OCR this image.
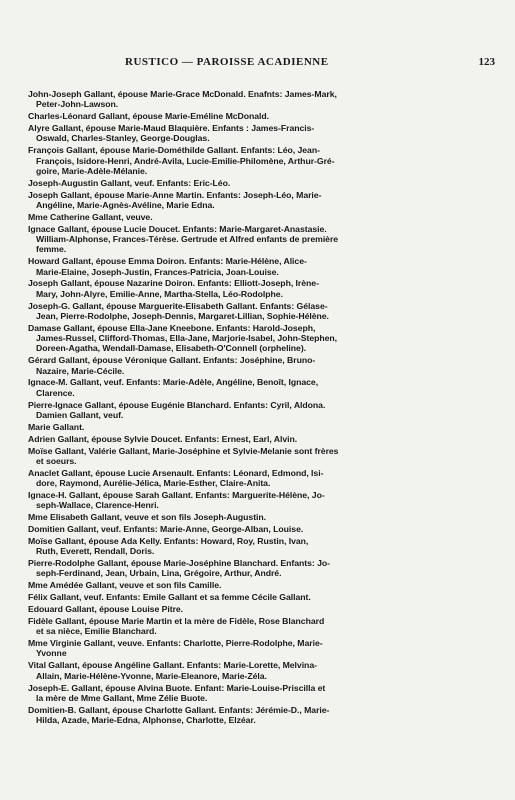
RUSTICO — PAROISSE ACADIENNE	123
John-Joseph Gallant, épouse Marie-Grace McDonald. Enafnts: James-Mark,
Peter-John-Lawson.
Charles-Léonard Gallant, épouse Marie-Eméline McDonald.
Alyre Gallant, épouse Marie-Maud Blaquière. Enfants : James-Francis-
Oswald, Charles-Stanley, George-Douglas.
François Gallant, épouse Marie-Dométhilde Gallant. Enfants: Léo, Jean-
François, Isidore-Henri, André-Avila, Lucie-Emilie-Philomène, Arthur-Gré-
goire, Marie-Adèle-Mélanie.
Joseph-Augustin Gallant, veuf. Enfants: Eric-Léo.
Joseph Gallant, épouse Marie-Anne Martin. Enfants: Joseph-Léo, Marie-
Angéline, Marie-Agnès-Avéline, Marie Edna.
Mme Catherine Gallant, veuve.
Ignace Gallant, épouse Lucie Doucet. Enfants: Marie-Margaret-Anastasie.
William-Alphonse, Frances-Térèse. Gertrude et Alfred enfants de première
femme.
Howard Gallant, épouse Emma Doiron. Enfants: Marie-Hélène, Alice-
Marie-Elaine, Joseph-Justin, Frances-Patricia, Joan-Louise.
Joseph Gallant, épouse Nazarine Doiron. Enfants: Elliott-Joseph, Irène-
Mary, John-Alyre, Emilie-Anne, Martha-Stella, Léo-Rodolphe.
Joseph-G. Gallant, épouse Marguerite-Elisabeth Gallant. Enfants: Gélase-
Jean, Pierre-Rodolphe, Joseph-Dennis, Margaret-Lillian, Sophie-Hélène.
Damase Gallant, épouse Ella-Jane Kneebone. Enfants: Harold-Joseph,
James-Russel, Clifford-Thomas, Ella-Jane, Marjorie-Isabel, John-Stephen,
Doreen-Agatha, Wendall-Damase, Elisabeth-O'Connell (orpheline).
Gérard Gallant, épouse Véronique Gallant. Enfants: Joséphine, Bruno-
Nazaire, Marie-Cécile.
Ignace-M. Gallant, veuf. Enfants: Marie-Adèle, Angéline, Benoît, Ignace,
Clarence.
Pierre-Ignace Gallant, épouse Eugénie Blanchard. Enfants: Cyril, Aldona.
Damien Gallant, veuf.
Marie Gallant.
Adrien Gallant, épouse Sylvie Doucet. Enfants: Ernest, Earl, Alvin.
Moïse Gallant, Valérie Gallant, Marie-Joséphine et Sylvie-Melanie sont frères
et soeurs.
Anaclet Gallant, épouse Lucie Arsenault. Enfants: Léonard, Edmond, Isi-
dore, Raymond, Aurélie-Jélica, Marie-Esther, Claire-Anita.
Ignace-H. Gallant, épouse Sarah Gallant. Enfants: Marguerite-Hélène, Jo-
seph-Wallace, Clarence-Henri.
Mme Elisabeth Gallant, veuve et son fils Joseph-Augustin.
Domitien Gallant, veuf. Enfants: Marie-Anne, George-Alban, Louise.
Moïse Gallant, épouse Ada Kelly. Enfants: Howard, Roy, Rustin, Ivan,
Ruth, Everett, Rendall, Doris.
Pierre-Rodolphe Gallant, épouse Marie-Joséphine Blanchard. Enfants: Jo-
seph-Ferdinand, Jean, Urbain, Lina, Grégoire, Arthur, André.
Mme Amédée Gallant, veuve et son fils Camille.
Félix Gallant, veuf. Enfants: Emile Gallant et sa femme Cécile Gallant.
Edouard Gallant, épouse Louise Pitre.
Fidèle Gallant, épouse Marie Martin et la mère de Fidèle, Rose Blanchard
et sa nièce, Emilie Blanchard.
Mme Virginie Gallant, veuve. Enfants: Charlotte, Pierre-Rodolphe, Marie-
Yvonne
Vital Gallant, épouse Angéline Gallant. Enfants: Marie-Lorette, Melvina-
Allain, Marie-Hélène-Yvonne, Marie-Eleanore, Marie-Zéla.
Joseph-E. Gallant, épouse Alvina Buote. Enfant: Marie-Louise-Priscilla et
la mère de Mme Gallant, Mme Zélie Buote.
Domitien-B. Gallant, épouse Charlotte Gallant. Enfants: Jérémie-D., Marie-
Hilda, Azade, Marie-Edna, Alphonse, Charlotte, Elzéar.
